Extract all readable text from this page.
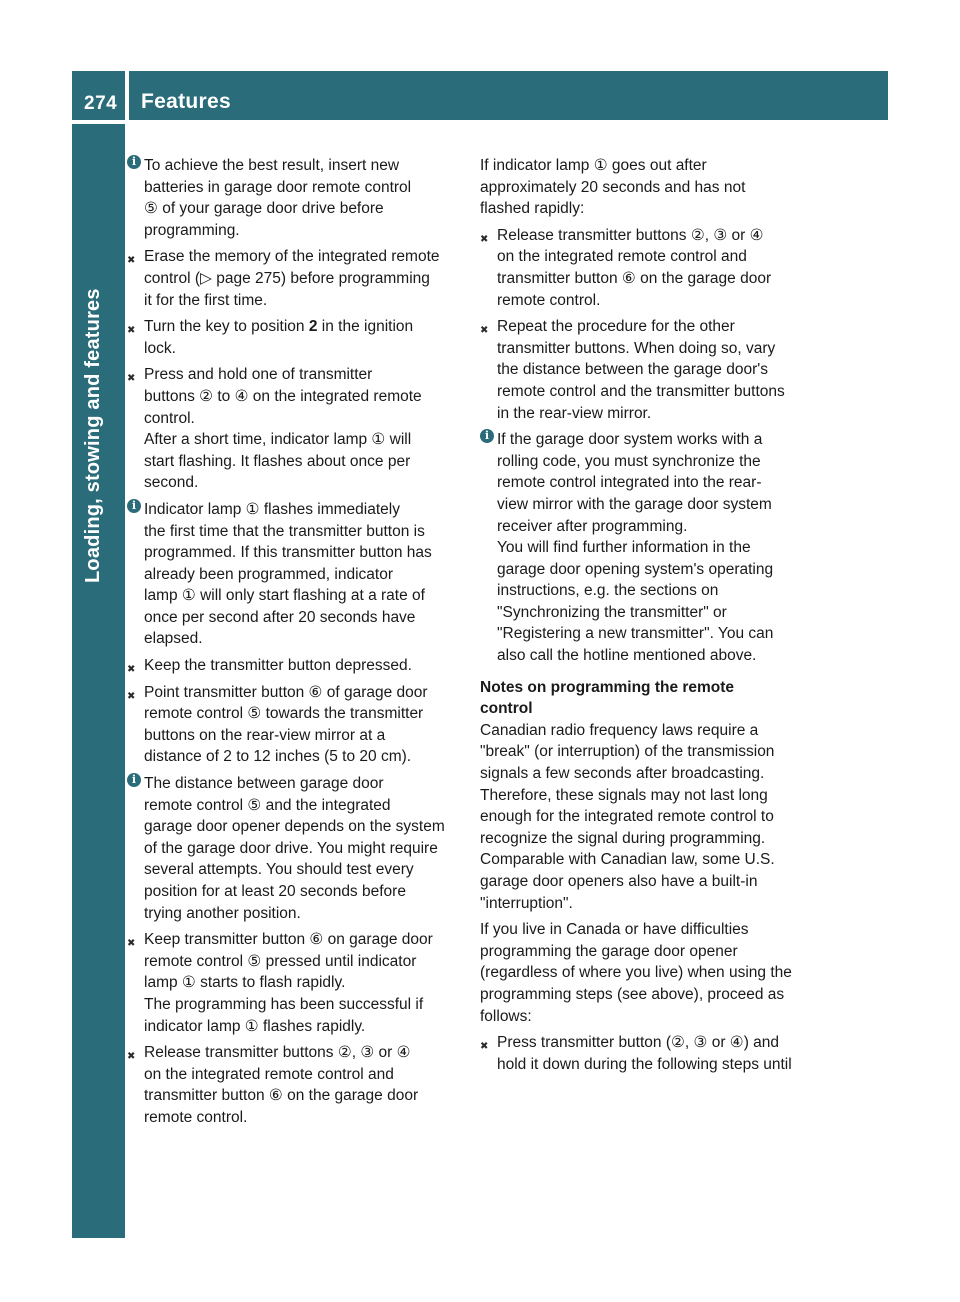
274 Features
Loading, stowing and features
i To achieve the best result, insert new
batteries in garage door remote control
⑤ of your garage door drive before
programming.
✖ Erase the memory of the integrated remote
control (▷ page 275) before programming
it for the first time.
✖ Turn the key to position 2 in the ignition
lock.
✖ Press and hold one of transmitter
buttons ② to ④ on the integrated remote
control.
After a short time, indicator lamp ① will
start flashing. It flashes about once per
second.
i Indicator lamp ① flashes immediately
the first time that the transmitter button is
programmed. If this transmitter button has
already been programmed, indicator
lamp ① will only start flashing at a rate of
once per second after 20 seconds have
elapsed.
✖ Keep the transmitter button depressed.
✖ Point transmitter button ⑥ of garage door
remote control ⑤ towards the transmitter
buttons on the rear-view mirror at a
distance of 2 to 12 inches (5 to 20 cm).
i The distance between garage door
remote control ⑤ and the integrated
garage door opener depends on the system
of the garage door drive. You might require
several attempts. You should test every
position for at least 20 seconds before
trying another position.
✖ Keep transmitter button ⑥ on garage door
remote control ⑤ pressed until indicator
lamp ① starts to flash rapidly.
The programming has been successful if
indicator lamp ① flashes rapidly.
✖ Release transmitter buttons ②, ③ or ④
on the integrated remote control and
transmitter button ⑥ on the garage door
remote control.
If indicator lamp ① goes out after
approximately 20 seconds and has not
flashed rapidly:
✖ Release transmitter buttons ②, ③ or ④
on the integrated remote control and
transmitter button ⑥ on the garage door
remote control.
✖ Repeat the procedure for the other
transmitter buttons. When doing so, vary
the distance between the garage door's
remote control and the transmitter buttons
in the rear-view mirror.
i If the garage door system works with a
rolling code, you must synchronize the
remote control integrated into the rear-
view mirror with the garage door system
receiver after programming.
You will find further information in the
garage door opening system's operating
instructions, e.g. the sections on
"Synchronizing the transmitter" or
"Registering a new transmitter". You can
also call the hotline mentioned above.
Notes on programming the remote
control
Canadian radio frequency laws require a
"break" (or interruption) of the transmission
signals a few seconds after broadcasting.
Therefore, these signals may not last long
enough for the integrated remote control to
recognize the signal during programming.
Comparable with Canadian law, some U.S.
garage door openers also have a built-in
"interruption".
If you live in Canada or have difficulties
programming the garage door opener
(regardless of where you live) when using the
programming steps (see above), proceed as
follows:
✖ Press transmitter button (②, ③ or ④) and
hold it down during the following steps until
